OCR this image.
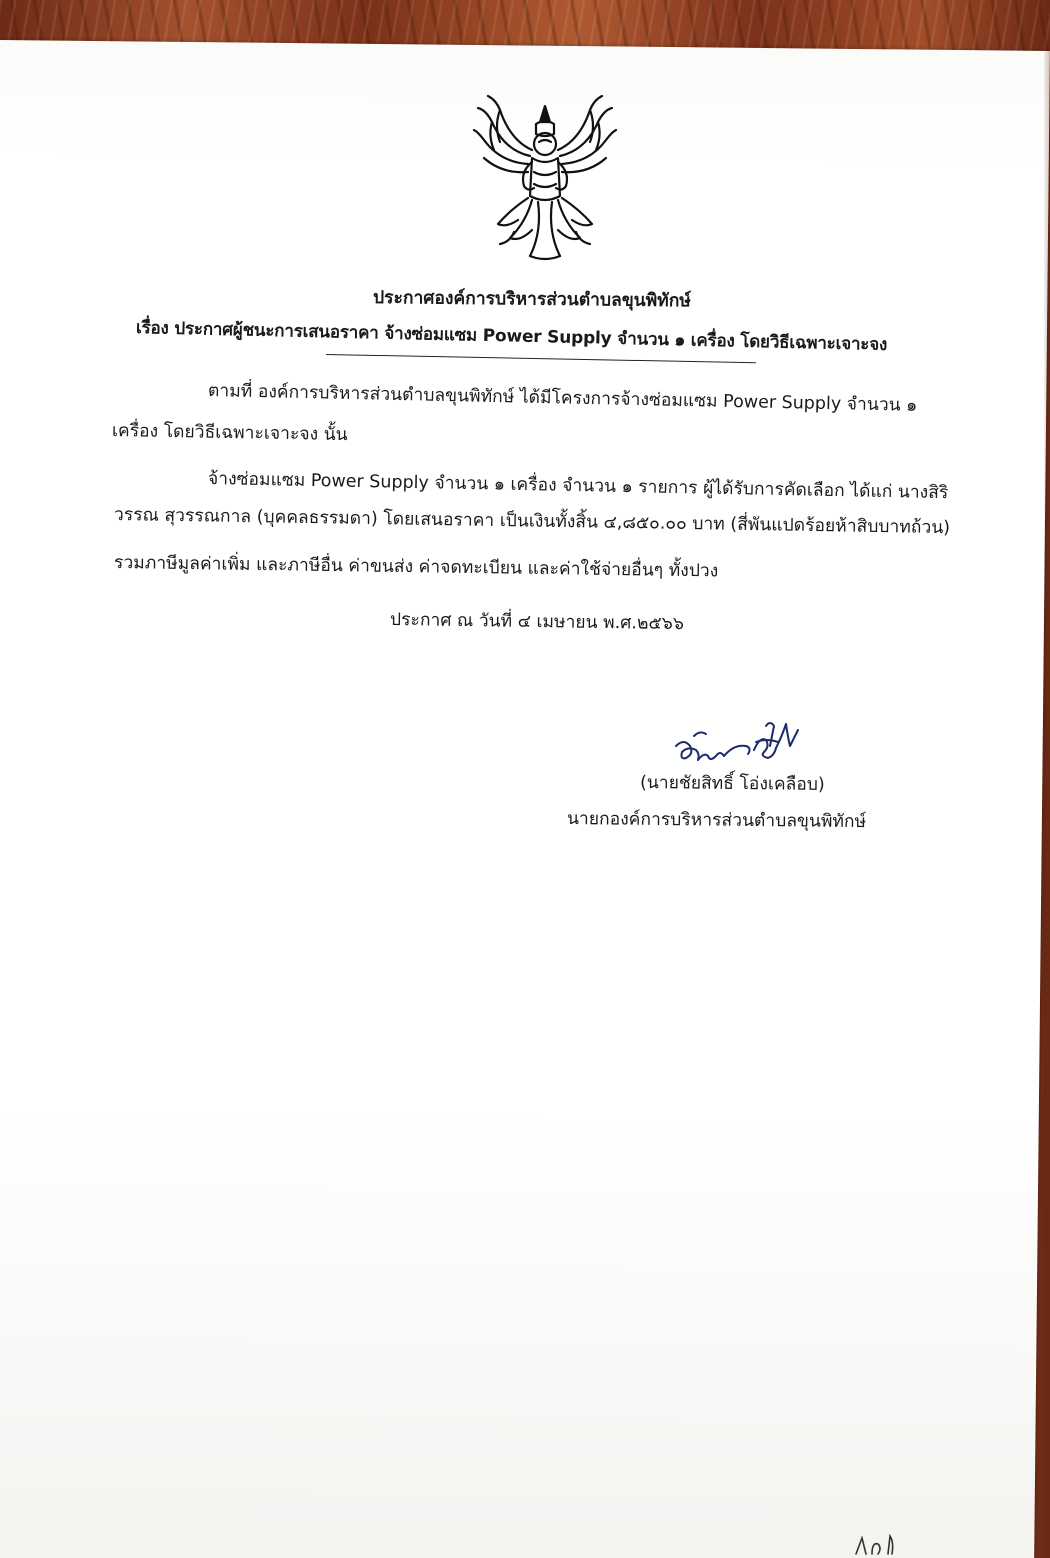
ประกาศองค์การบริหารส่วนตำบลขุนพิทักษ์
เรื่อง ประกาศผู้ชนะการเสนอราคา จ้างซ่อมแซม Power Supply จำนวน ๑ เครื่อง โดยวิธีเฉพาะเจาะจง
ตามที่ องค์การบริหารส่วนตำบลขุนพิทักษ์ ได้มีโครงการจ้างซ่อมแซม Power Supply จำนวน ๑
เครื่อง โดยวิธีเฉพาะเจาะจง นั้น
จ้างซ่อมแซม Power Supply จำนวน ๑ เครื่อง จำนวน ๑ รายการ ผู้ได้รับการคัดเลือก ได้แก่ นางสิริ
วรรณ สุวรรณกาล (บุคคลธรรมดา) โดยเสนอราคา เป็นเงินทั้งสิ้น ๔,๘๕๐.๐๐ บาท (สี่พันแปดร้อยห้าสิบบาทถ้วน)
รวมภาษีมูลค่าเพิ่ม และภาษีอื่น ค่าขนส่ง ค่าจดทะเบียน และค่าใช้จ่ายอื่นๆ ทั้งปวง
ประกาศ ณ วันที่ ๔ เมษายน พ.ศ.๒๕๖๖
(นายชัยสิทธิ์ โอ่งเคลือบ)
นายกองค์การบริหารส่วนตำบลขุนพิทักษ์
